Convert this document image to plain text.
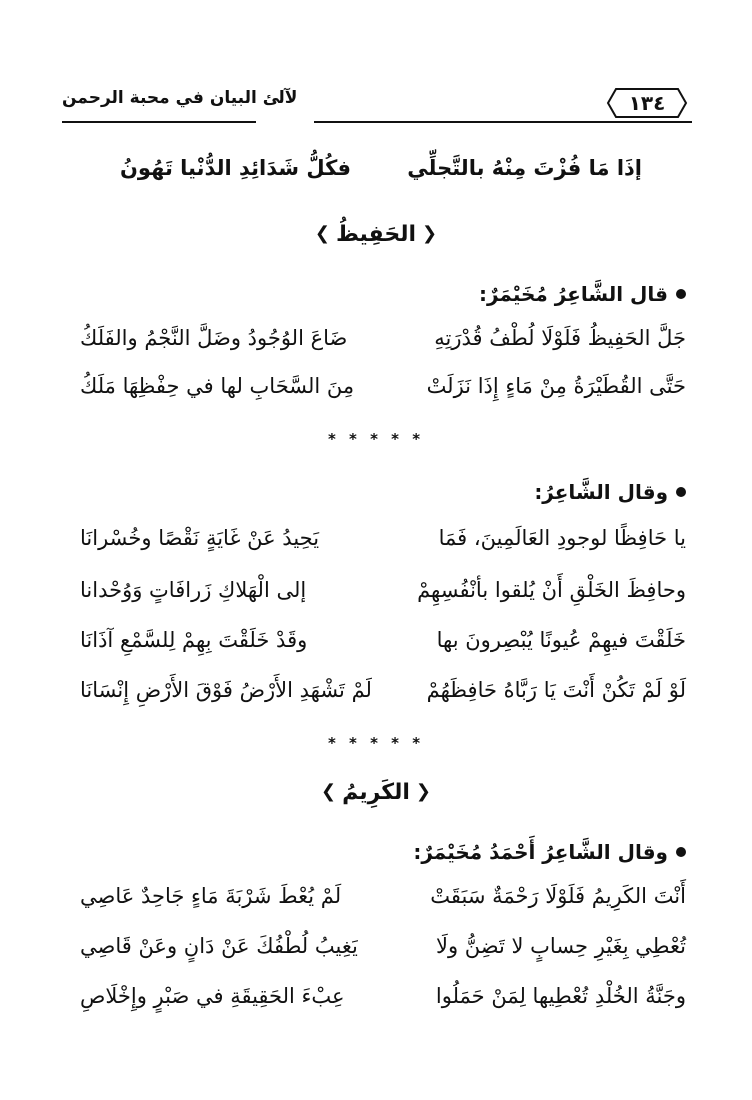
١٣٤
لآلئ البيان في محبة الرحمن
إذَا مَا فُزْتَ مِنْهُ بالتَّجلِّي
فكُلُّ شَدَائِدِ الدُّنْيا تَهُونُ
❮الحَفِيظُ❯
قال الشَّاعِرُ مُخَيْمَرٌ:
جَلَّ الحَفِيظُ فَلَوْلَا لُطْفُ قُدْرَتِهِ
ضَاعَ الوُجُودُ وضَلَّ النَّجْمُ والفَلَكُ
حَتَّى القُطَيْرَةُ مِنْ مَاءٍ إِذَا نَزَلَتْ
مِنَ السَّحَابِ لها في حِفْظِهَا مَلَكُ
* * * * *
وقال الشَّاعِرُ:
يا حَافِظًا لوجودِ العَالَمِينَ، فَمَا
يَحِيدُ عَنْ غَايَةٍ نَقْصًا وخُسْرانَا
وحافِظَ الخَلْقِ أَنْ يُلقوا بأنْفُسِهِمْ
إلى الْهَلاكِ زَرافَاتٍ وَوُحْدانا
خَلَقْتَ فيهِمْ عُيونًا يُبْصِرونَ بها
وقَدْ خَلَقْتَ بِهِمْ لِلسَّمْعِ آذَانَا
لَوْ لَمْ تَكُنْ أَنْتَ يَا رَبَّاهُ حَافِظَهُمْ
لَمْ تَشْهَدِ الأَرْضُ فَوْقَ الأَرْضِ إِنْسَانَا
* * * * *
❮الكَرِيمُ❯
وقال الشَّاعِرُ أَحْمَدُ مُخَيْمَرٌ:
أَنْتَ الكَرِيمُ فَلَوْلَا رَحْمَةٌ سَبَقَتْ
لَمْ يُعْطَ شَرْبَةَ مَاءٍ جَاحِدٌ عَاصِي
تُعْطِي بِغَيْرِ حِسابٍ لا تَضِنُّ ولَا
يَغِيبُ لُطْفُكَ عَنْ دَانٍ وعَنْ قَاصِي
وجَنَّةُ الخُلْدِ تُعْطِيها لِمَنْ حَمَلُوا
عِبْءَ الحَقِيقَةِ في صَبْرٍ وإِخْلَاصِ
